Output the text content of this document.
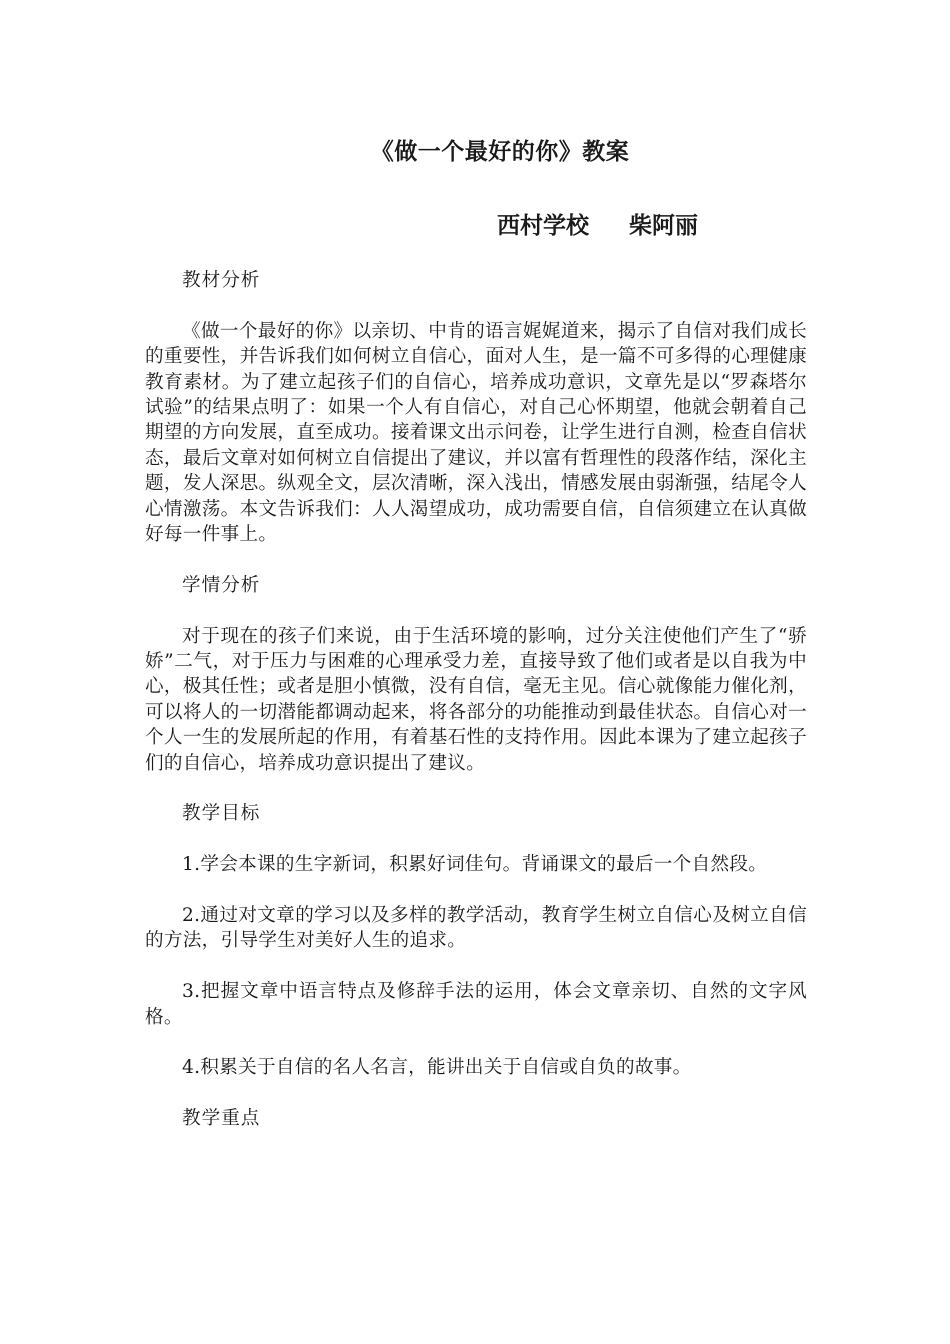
《做一个最好的你》教案
西村学校 柴阿丽

教材分析

《做一个最好的你》以亲切、中肯的语言娓娓道来，揭示了自信对我们成长的重要性，并告诉我们如何树立自信心，面对人生，是一篇不可多得的心理健康教育素材。为了建立起孩子们的自信心，培养成功意识，文章先是以“罗森塔尔试验”的结果点明了：如果一个人有自信心，对自己心怀期望，他就会朝着自己期望的方向发展，直至成功。接着课文出示问卷，让学生进行自测，检查自信状态，最后文章对如何树立自信提出了建议，并以富有哲理性的段落作结，深化主题，发人深思。纵观全文，层次清晰，深入浅出，情感发展由弱渐强，结尾令人心情激荡。本文告诉我们：人人渴望成功，成功需要自信，自信须建立在认真做好每一件事上。

学情分析

对于现在的孩子们来说，由于生活环境的影响，过分关注使他们产生了“骄娇”二气，对于压力与困难的心理承受力差，直接导致了他们或者是以自我为中心，极其任性；或者是胆小慎微，没有自信，毫无主见。信心就像能力催化剂，可以将人的一切潜能都调动起来，将各部分的功能推动到最佳状态。自信心对一个人一生的发展所起的作用，有着基石性的支持作用。因此本课为了建立起孩子们的自信心，培养成功意识提出了建议。

教学目标

1.学会本课的生字新词，积累好词佳句。背诵课文的最后一个自然段。

2.通过对文章的学习以及多样的教学活动，教育学生树立自信心及树立自信的方法，引导学生对美好人生的追求。

3.把握文章中语言特点及修辞手法的运用，体会文章亲切、自然的文字风格。

4.积累关于自信的名人名言，能讲出关于自信或自负的故事。

教学重点
